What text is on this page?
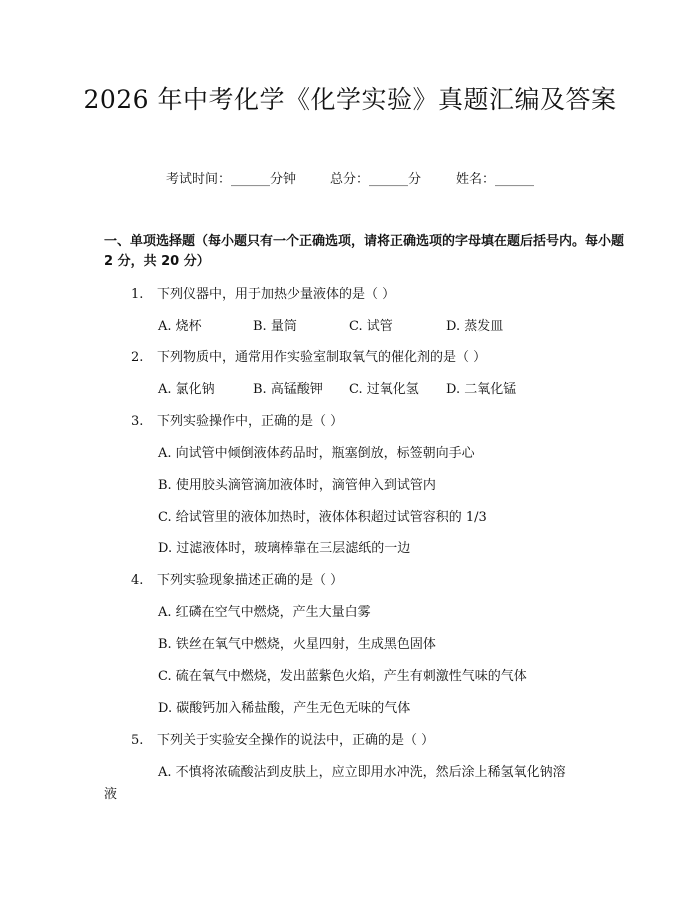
2026 年中考化学《化学实验》真题汇编及答案
考试时间：______分钟	总分：______分	姓名：______
一、单项选择题（每小题只有一个正确选项，请将正确选项的字母填在题后括号内。每小题 2 分，共 20 分）
1. 下列仪器中，用于加热少量液体的是（ ）
A. 烧杯	B. 量筒	C. 试管	D. 蒸发皿
2. 下列物质中，通常用作实验室制取氧气的催化剂的是（ ）
A. 氯化钠	B. 高锰酸钾 C. 过氧化氢 D. 二氧化锰
3. 下列实验操作中，正确的是（ ）
A. 向试管中倾倒液体药品时，瓶塞倒放，标签朝向手心
B. 使用胶头滴管滴加液体时，滴管伸入到试管内
C. 给试管里的液体加热时，液体体积超过试管容积的 1/3
D. 过滤液体时，玻璃棒靠在三层滤纸的一边
4. 下列实验现象描述正确的是（ ）
A. 红磷在空气中燃烧，产生大量白雾
B. 铁丝在氧气中燃烧，火星四射，生成黑色固体
C. 硫在氧气中燃烧，发出蓝紫色火焰，产生有刺激性气味的气体
D. 碳酸钙加入稀盐酸，产生无色无味的气体
5. 下列关于实验安全操作的说法中，正确的是（ ）
A. 不慎将浓硫酸沾到皮肤上，应立即用水冲洗，然后涂上稀氢氧化钠溶
液
